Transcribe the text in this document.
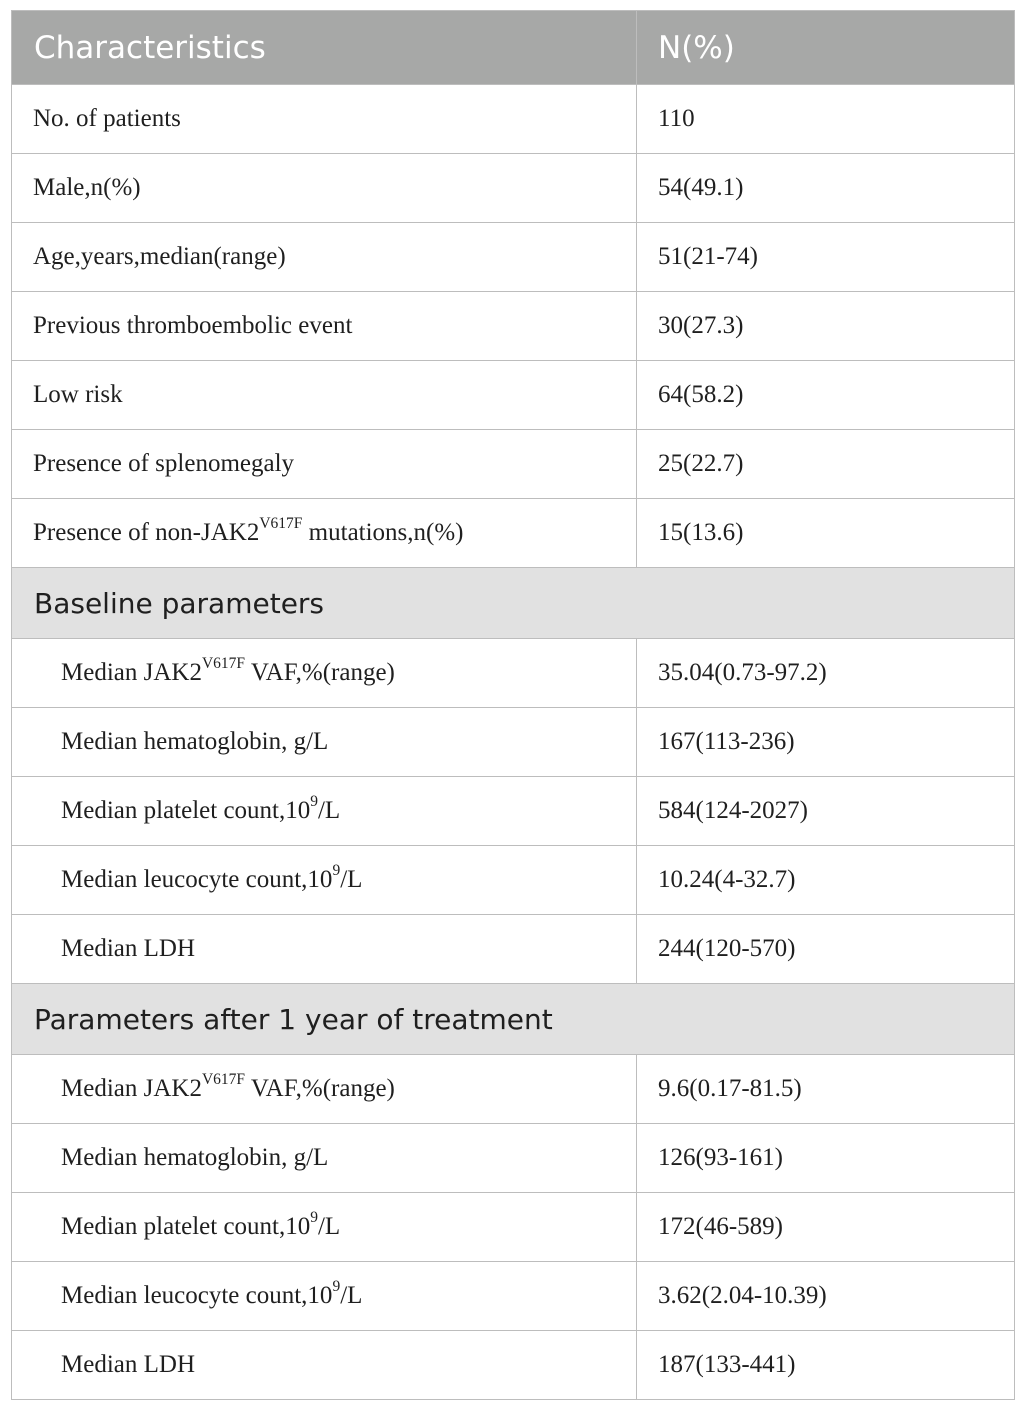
Characteristics	N(%)
No. of patients	110
Male,n(%)	54(49.1)
Age,years,median(range)	51(21-74)
Previous thromboembolic event	30(27.3)
Low risk	64(58.2)
Presence of splenomegaly	25(22.7)
Presence of non-$JAK2^{V617F}$ mutations,n(%)	15(13.6)
Baseline parameters	
Median $JAK2^{V617F}$ VAF,%(range)	35.04(0.73-97.2)
Median hematoglobin, g/L	167(113-236)
Median platelet $count,10^9/L$	584(124-2027)
Median leucocyte $count,10^9/L$	10.24(4-32.7)
Median LDH	244(120-570)
Parameters after 1 year of treatment	
Median $JAK2^{V617F}$ VAF,%(range)	9.6(0.17-81.5)
Median hematoglobin, g/L	126(93-161)
Median platelet $count,10^9/L$	172(46-589)
Median leucocyte $count,10^9/L$	3.62(2.04-10.39)
Median LDH	187(133-441)
